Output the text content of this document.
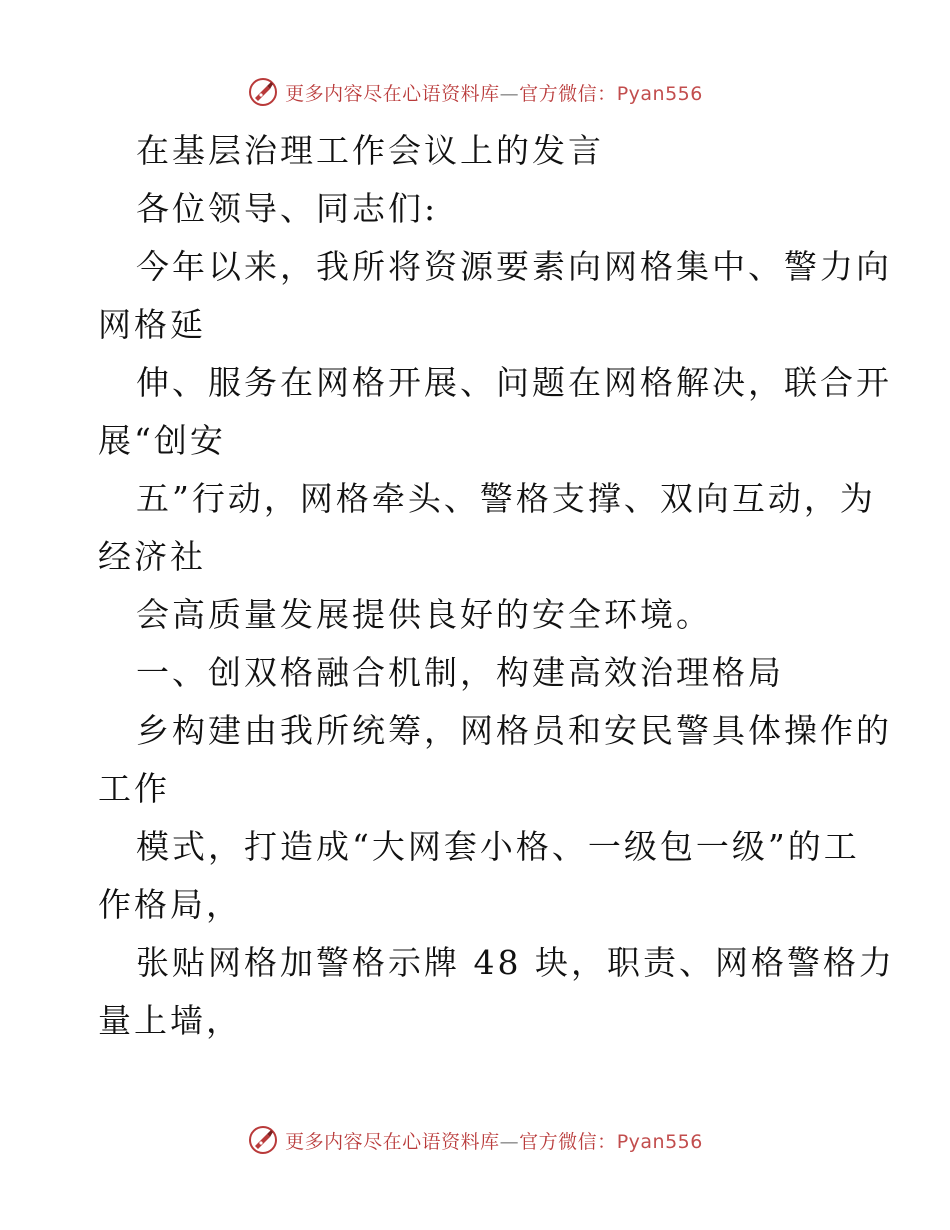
更多内容尽在心语资料库—官方微信：Pyan556
在基层治理工作会议上的发言
各位领导、同志们:
今年以来，我所将资源要素向网格集中、警力向
网格延
伸、服务在网格开展、问题在网格解决，联合开
展“创安
五”行动，网格牵头、警格支撑、双向互动，为
经济社
会高质量发展提供良好的安全环境。
一、创双格融合机制，构建高效治理格局
乡构建由我所统筹，网格员和安民警具体操作的
工作
模式，打造成“大网套小格、一级包一级”的工
作格局，
张贴网格加警格示牌 48 块，职责、网格警格力
量上墙，
更多内容尽在心语资料库—官方微信：Pyan556
